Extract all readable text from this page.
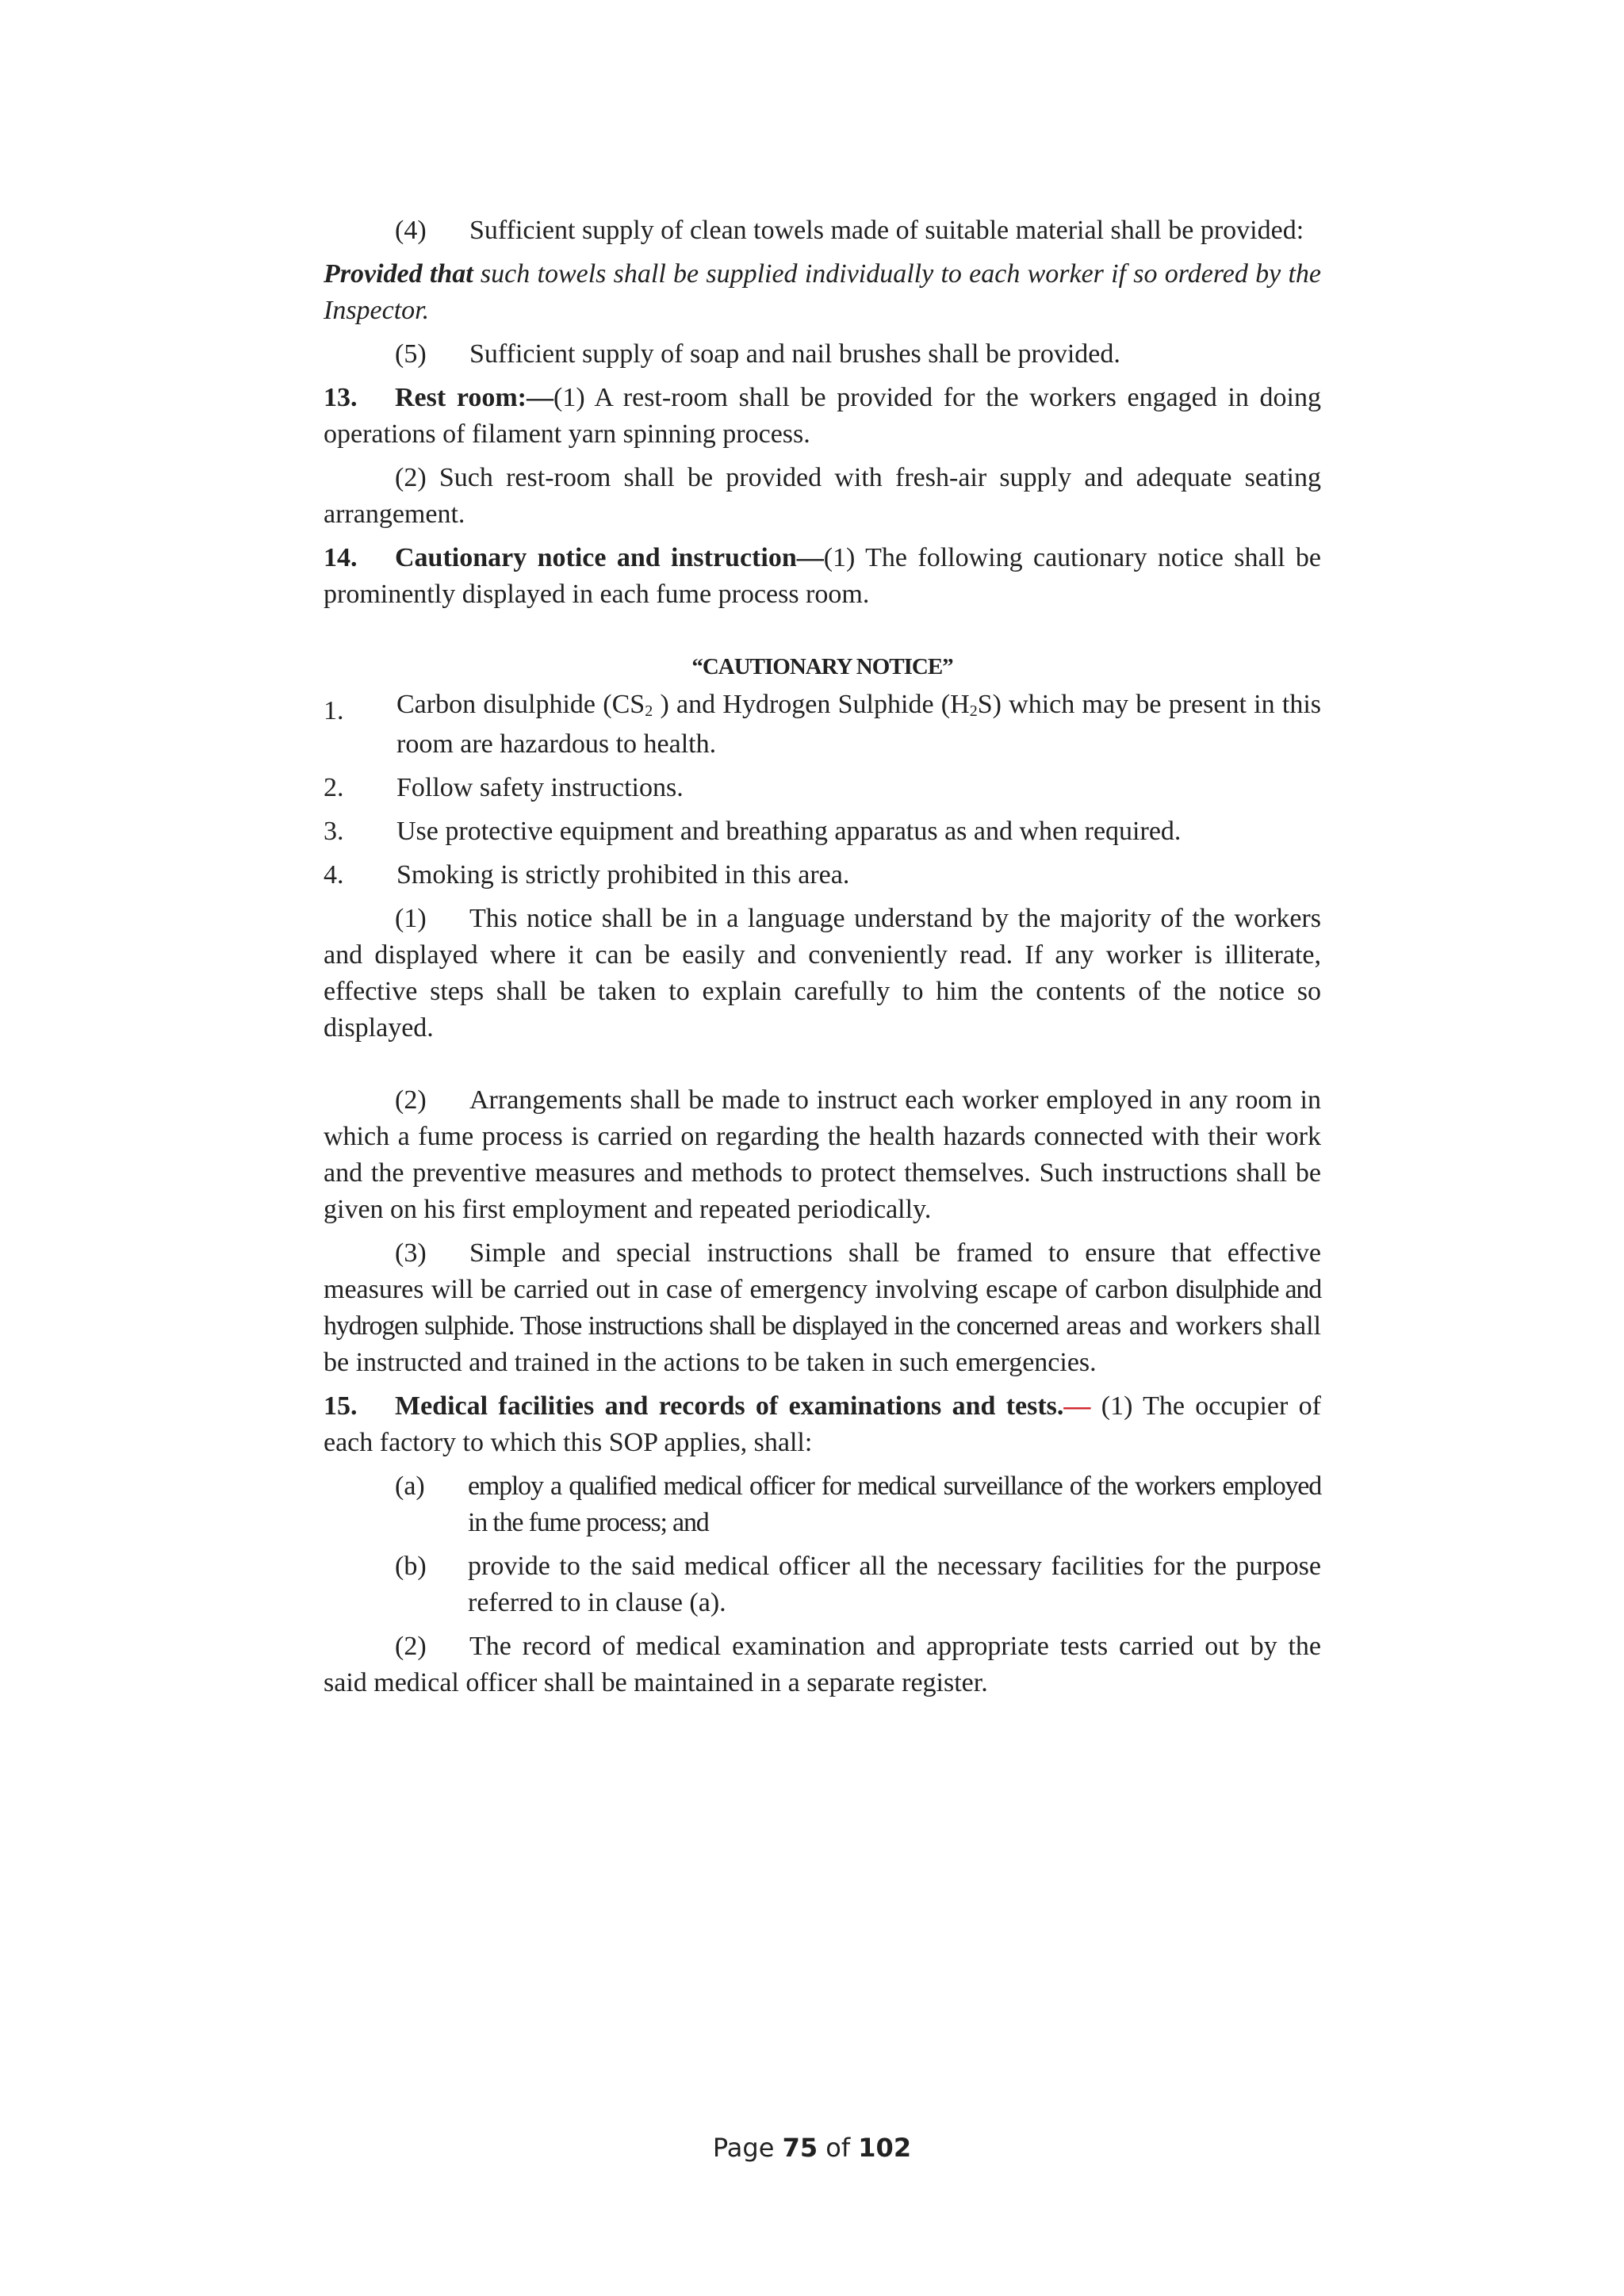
(4) Sufficient supply of clean towels made of suitable material shall be provided:

Provided that such towels shall be supplied individually to each worker if so ordered by the Inspector.

(5) Sufficient supply of soap and nail brushes shall be provided.

13. Rest room:—(1) A rest-room shall be provided for the workers engaged in doing operations of filament yarn spinning process.

(2) Such rest-room shall be provided with fresh-air supply and adequate seating arrangement.

14. Cautionary notice and instruction—(1) The following cautionary notice shall be prominently displayed in each fume process room.

“CAUTIONARY NOTICE”
1.	Carbon disulphide ($CS_2$ ) and Hydrogen Sulphide $(H_2S)$ which may be present in this room are hazardous to health.
2.	Follow safety instructions.
3.	Use protective equipment and breathing apparatus as and when required.
4.	Smoking is strictly prohibited in this area.

(1) This notice shall be in a language understand by the majority of the workers and displayed where it can be easily and conveniently read. If any worker is illiterate, effective steps shall be taken to explain carefully to him the contents of the notice so displayed.

(2) Arrangements shall be made to instruct each worker employed in any room in which a fume process is carried on regarding the health hazards connected with their work and the preventive measures and methods to protect themselves. Such instructions shall be given on his first employment and repeated periodically.

(3) Simple and special instructions shall be framed to ensure that effective measures will be carried out in case of emergency involving escape of carbon disulphide and hydrogen sulphide. Those instructions shall be displayed in the concerned areas and workers shall be instructed and trained in the actions to be taken in such emergencies.

15. Medical facilities and records of examinations and tests.— (1) The occupier of each factory to which this SOP applies, shall:

(a)	employ a qualified medical officer for medical surveillance of the workers employed in the fume process; and
(b)	provide to the said medical officer all the necessary facilities for the purpose referred to in clause (a).

(2) The record of medical examination and appropriate tests carried out by the said medical officer shall be maintained in a separate register.

Page 75 of 102
